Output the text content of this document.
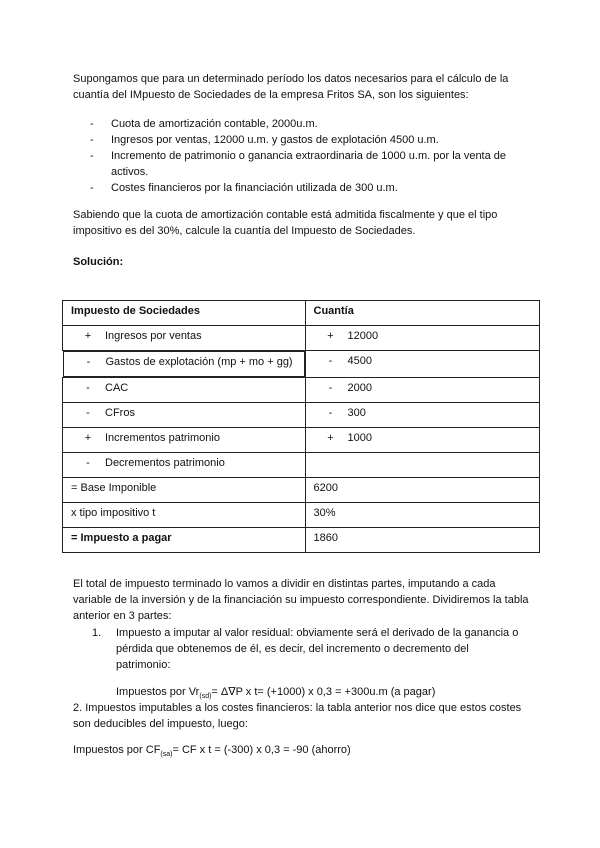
Supongamos que para un determinado período los datos necesarios para el cálculo de la cuantía del IMpuesto de Sociedades de la empresa Fritos SA, son los siguientes:

- Cuota de amortización contable, 2000u.m.
- Ingresos por ventas, 12000 u.m. y gastos de explotación 4500 u.m.
- Incremento de patrimonio o ganancia extraordinaria de 1000 u.m. por la venta de activos.
- Costes financieros por la financiación utilizada de 300 u.m.

Sabiendo que la cuota de amortización contable está admitida fiscalmente y que el tipo impositivo es del 30%, calcule la cuantía del Impuesto de Sociedades.

Solución:

Impuesto de Sociedades	Cuantía
+ Ingresos por ventas	+ 12000

-	Gastos de explotación (mp + mo + gg)	- 4500
- CAC	- 2000
- CFros	- 300
+ Incrementos patrimonio	+ 1000
- Decrementos patrimonio	
= Base Imponible	6200
x tipo impositivo t	30%
= Impuesto a pagar	1860

El total de impuesto terminado lo vamos a dividir en distintas partes, imputando a cada variable de la inversión y de la financiación su impuesto correspondiente. Dividiremos la tabla anterior en 3 partes:

1. Impuesto a imputar al valor residual: obviamente será el derivado de la ganancia o pérdida que obtenemos de él, es decir, del incremento o decremento del patrimonio:

Impuestos por $Vr_{(sd)}= \Delta\nabla P$ x t= (+1000) x 0,3 = +300u.m (a pagar)

2. Impuestos imputables a los costes financieros: la tabla anterior nos dice que estos costes son deducibles del impuesto, luego:

Impuestos por $CF_{(sa)}=$ CF x t = (-300) x 0,3 = -90 (ahorro)
